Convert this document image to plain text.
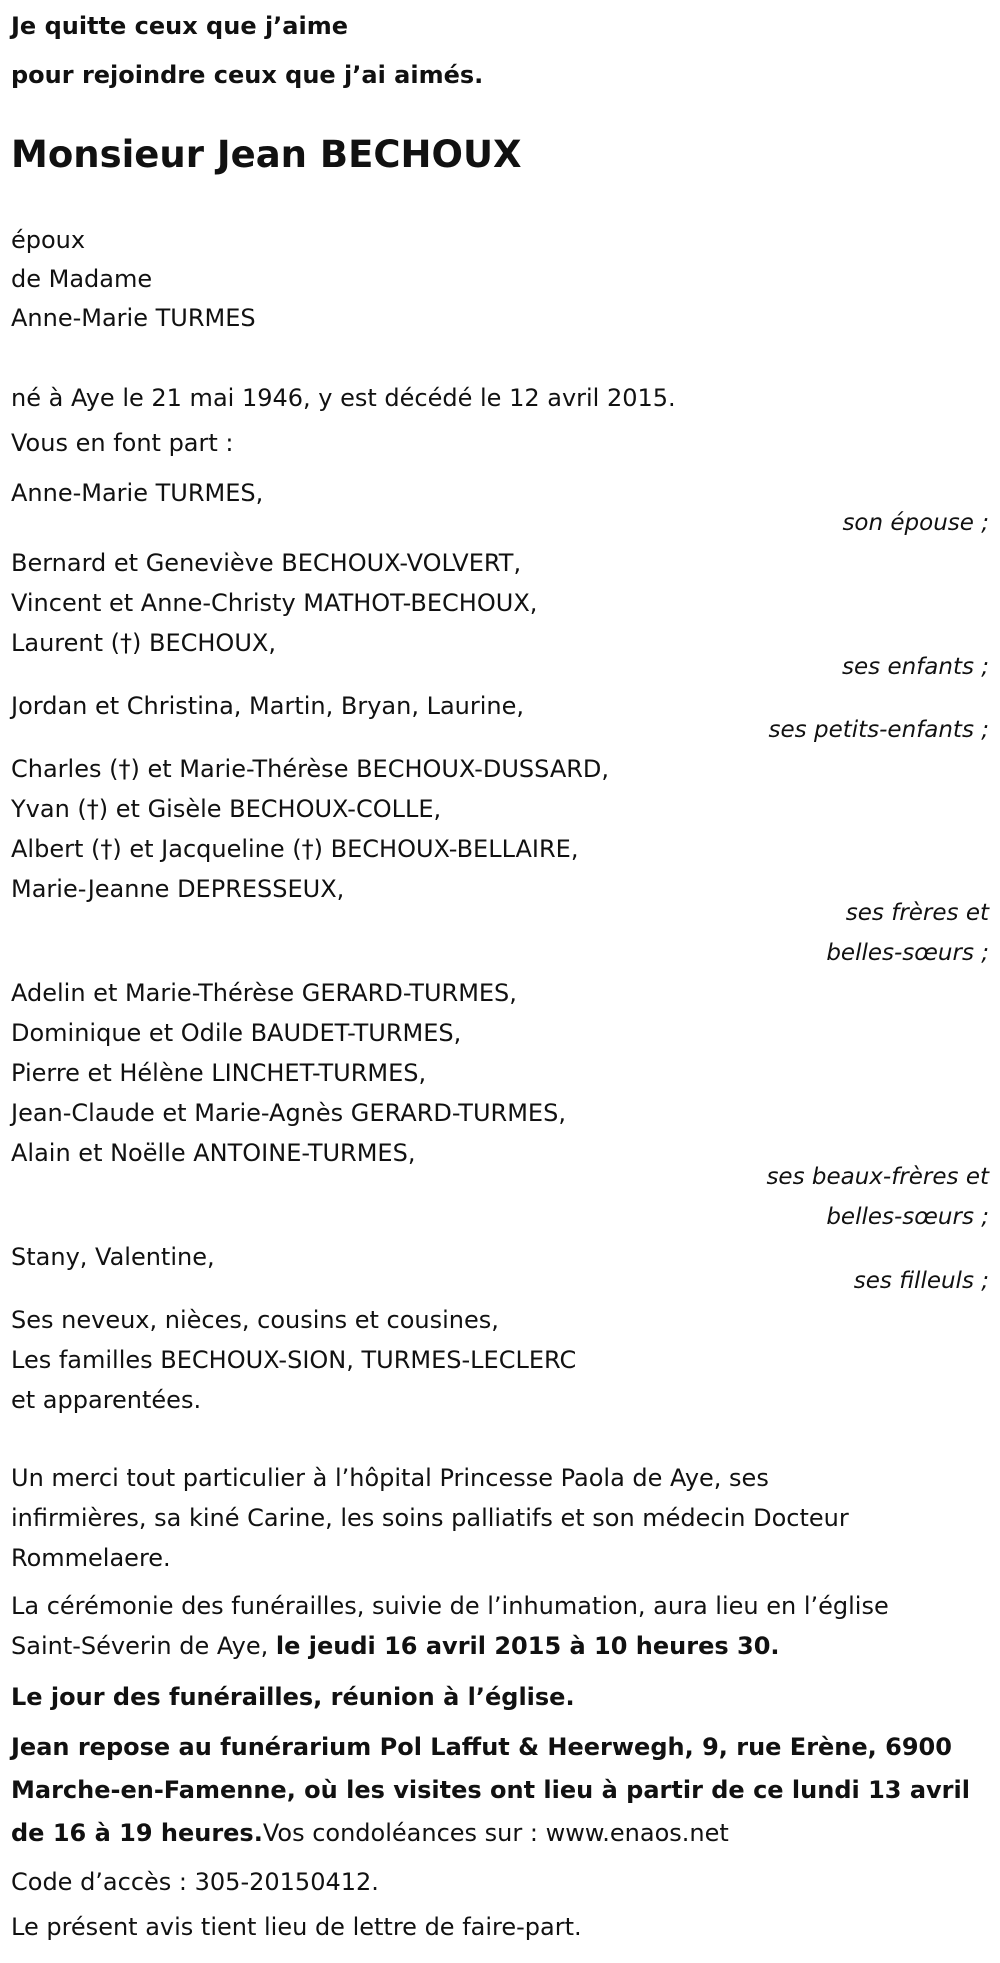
Je quitte ceux que j’aime
pour rejoindre ceux que j’ai aimés.
Monsieur Jean BECHOUX
époux
de Madame
Anne-Marie TURMES
né à Aye le 21 mai 1946, y est décédé le 12 avril 2015.
Vous en font part :
Anne-Marie TURMES,
son épouse ;
Bernard et Geneviève BECHOUX-VOLVERT,
Vincent et Anne-Christy MATHOT-BECHOUX,
Laurent (†) BECHOUX,
ses enfants ;
Jordan et Christina, Martin, Bryan, Laurine,
ses petits-enfants ;
Charles (†) et Marie-Thérèse BECHOUX-DUSSARD,
Yvan (†) et Gisèle BECHOUX-COLLE,
Albert (†) et Jacqueline (†) BECHOUX-BELLAIRE,
Marie-Jeanne DEPRESSEUX,
ses frères et
belles-sœurs ;
Adelin et Marie-Thérèse GERARD-TURMES,
Dominique et Odile BAUDET-TURMES,
Pierre et Hélène LINCHET-TURMES,
Jean-Claude et Marie-Agnès GERARD-TURMES,
Alain et Noëlle ANTOINE-TURMES,
ses beaux-frères et
belles-sœurs ;
Stany, Valentine,
ses filleuls ;
Ses neveux, nièces, cousins et cousines,
Les familles BECHOUX-SION, TURMES-LECLERC
et apparentées.
Un merci tout particulier à l’hôpital Princesse Paola de Aye, ses
infirmières, sa kiné Carine, les soins palliatifs et son médecin Docteur
Rommelaere.
La cérémonie des funérailles, suivie de l’inhumation, aura lieu en l’église
Saint-Séverin de Aye, le jeudi 16 avril 2015 à 10 heures 30.
Le jour des funérailles, réunion à l’église.
Jean repose au funérarium Pol Laffut & Heerwegh, 9, rue Erène, 6900
Marche-en-Famenne, où les visites ont lieu à partir de ce lundi 13 avril
de 16 à 19 heures.Vos condoléances sur : www.enaos.net
Code d’accès : 305-20150412.
Le présent avis tient lieu de lettre de faire-part.
